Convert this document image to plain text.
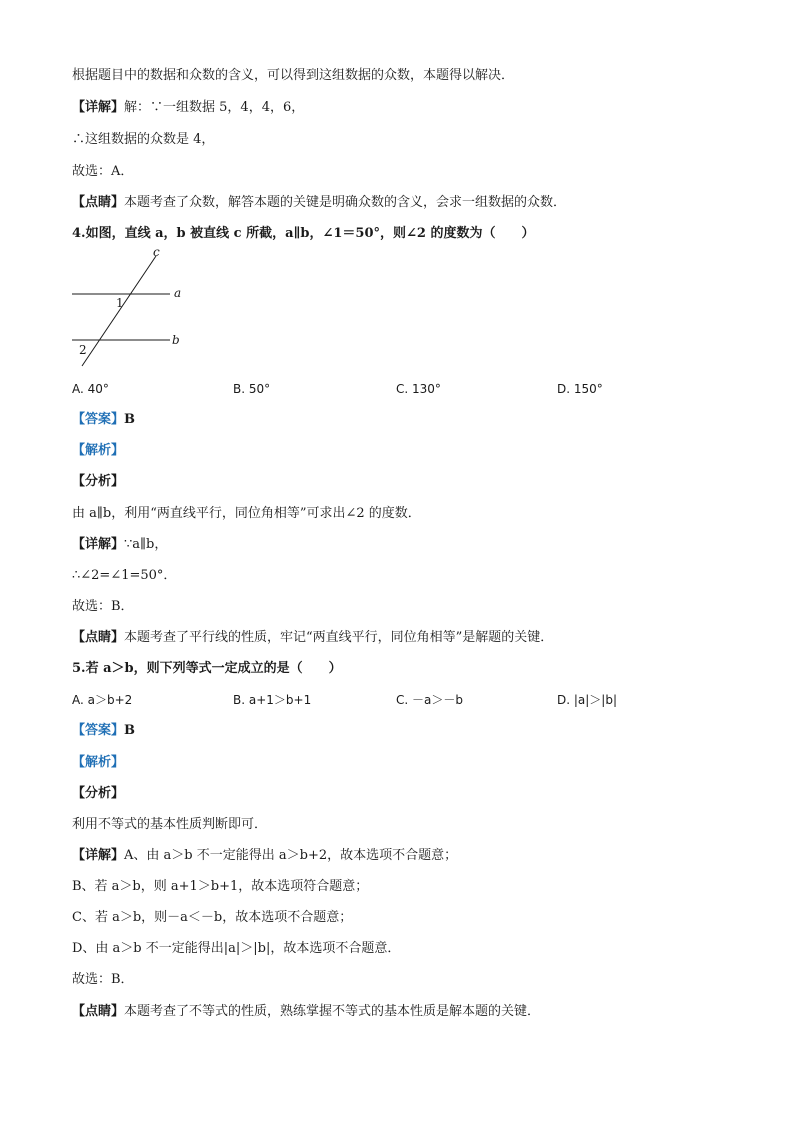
根据题目中的数据和众数的含义，可以得到这组数据的众数，本题得以解决．
【详解】解：∵一组数据 5，4，4，6，
∴这组数据的众数是 4，
故选：A．
【点睛】本题考查了众数，解答本题的关键是明确众数的含义，会求一组数据的众数．
4.如图，直线 a，b 被直线 c 所截，a∥b，∠1＝50°，则∠2 的度数为（　　）
c
a
b
1
2
A. 40°	B. 50°	C. 130°	D. 150°
【答案】B
【解析】
【分析】
由 a∥b，利用“两直线平行，同位角相等”可求出∠2 的度数．
【详解】∵a∥b，
∴∠2=∠1=50°．
故选：B．
【点睛】本题考查了平行线的性质，牢记“两直线平行，同位角相等”是解题的关键．
5.若 a＞b，则下列等式一定成立的是（　　）
A. a＞b+2	B. a+1＞b+1	C. －a＞－b	D. |a|＞|b|
【答案】B
【解析】
【分析】
利用不等式的基本性质判断即可．
【详解】A、由 a＞b 不一定能得出 a＞b+2，故本选项不合题意；
B、若 a＞b，则 a+1＞b+1，故本选项符合题意；
C、若 a＞b，则－a＜－b，故本选项不合题意；
D、由 a＞b 不一定能得出|a|＞|b|，故本选项不合题意．
故选：B．
【点睛】本题考查了不等式的性质，熟练掌握不等式的基本性质是解本题的关键．
